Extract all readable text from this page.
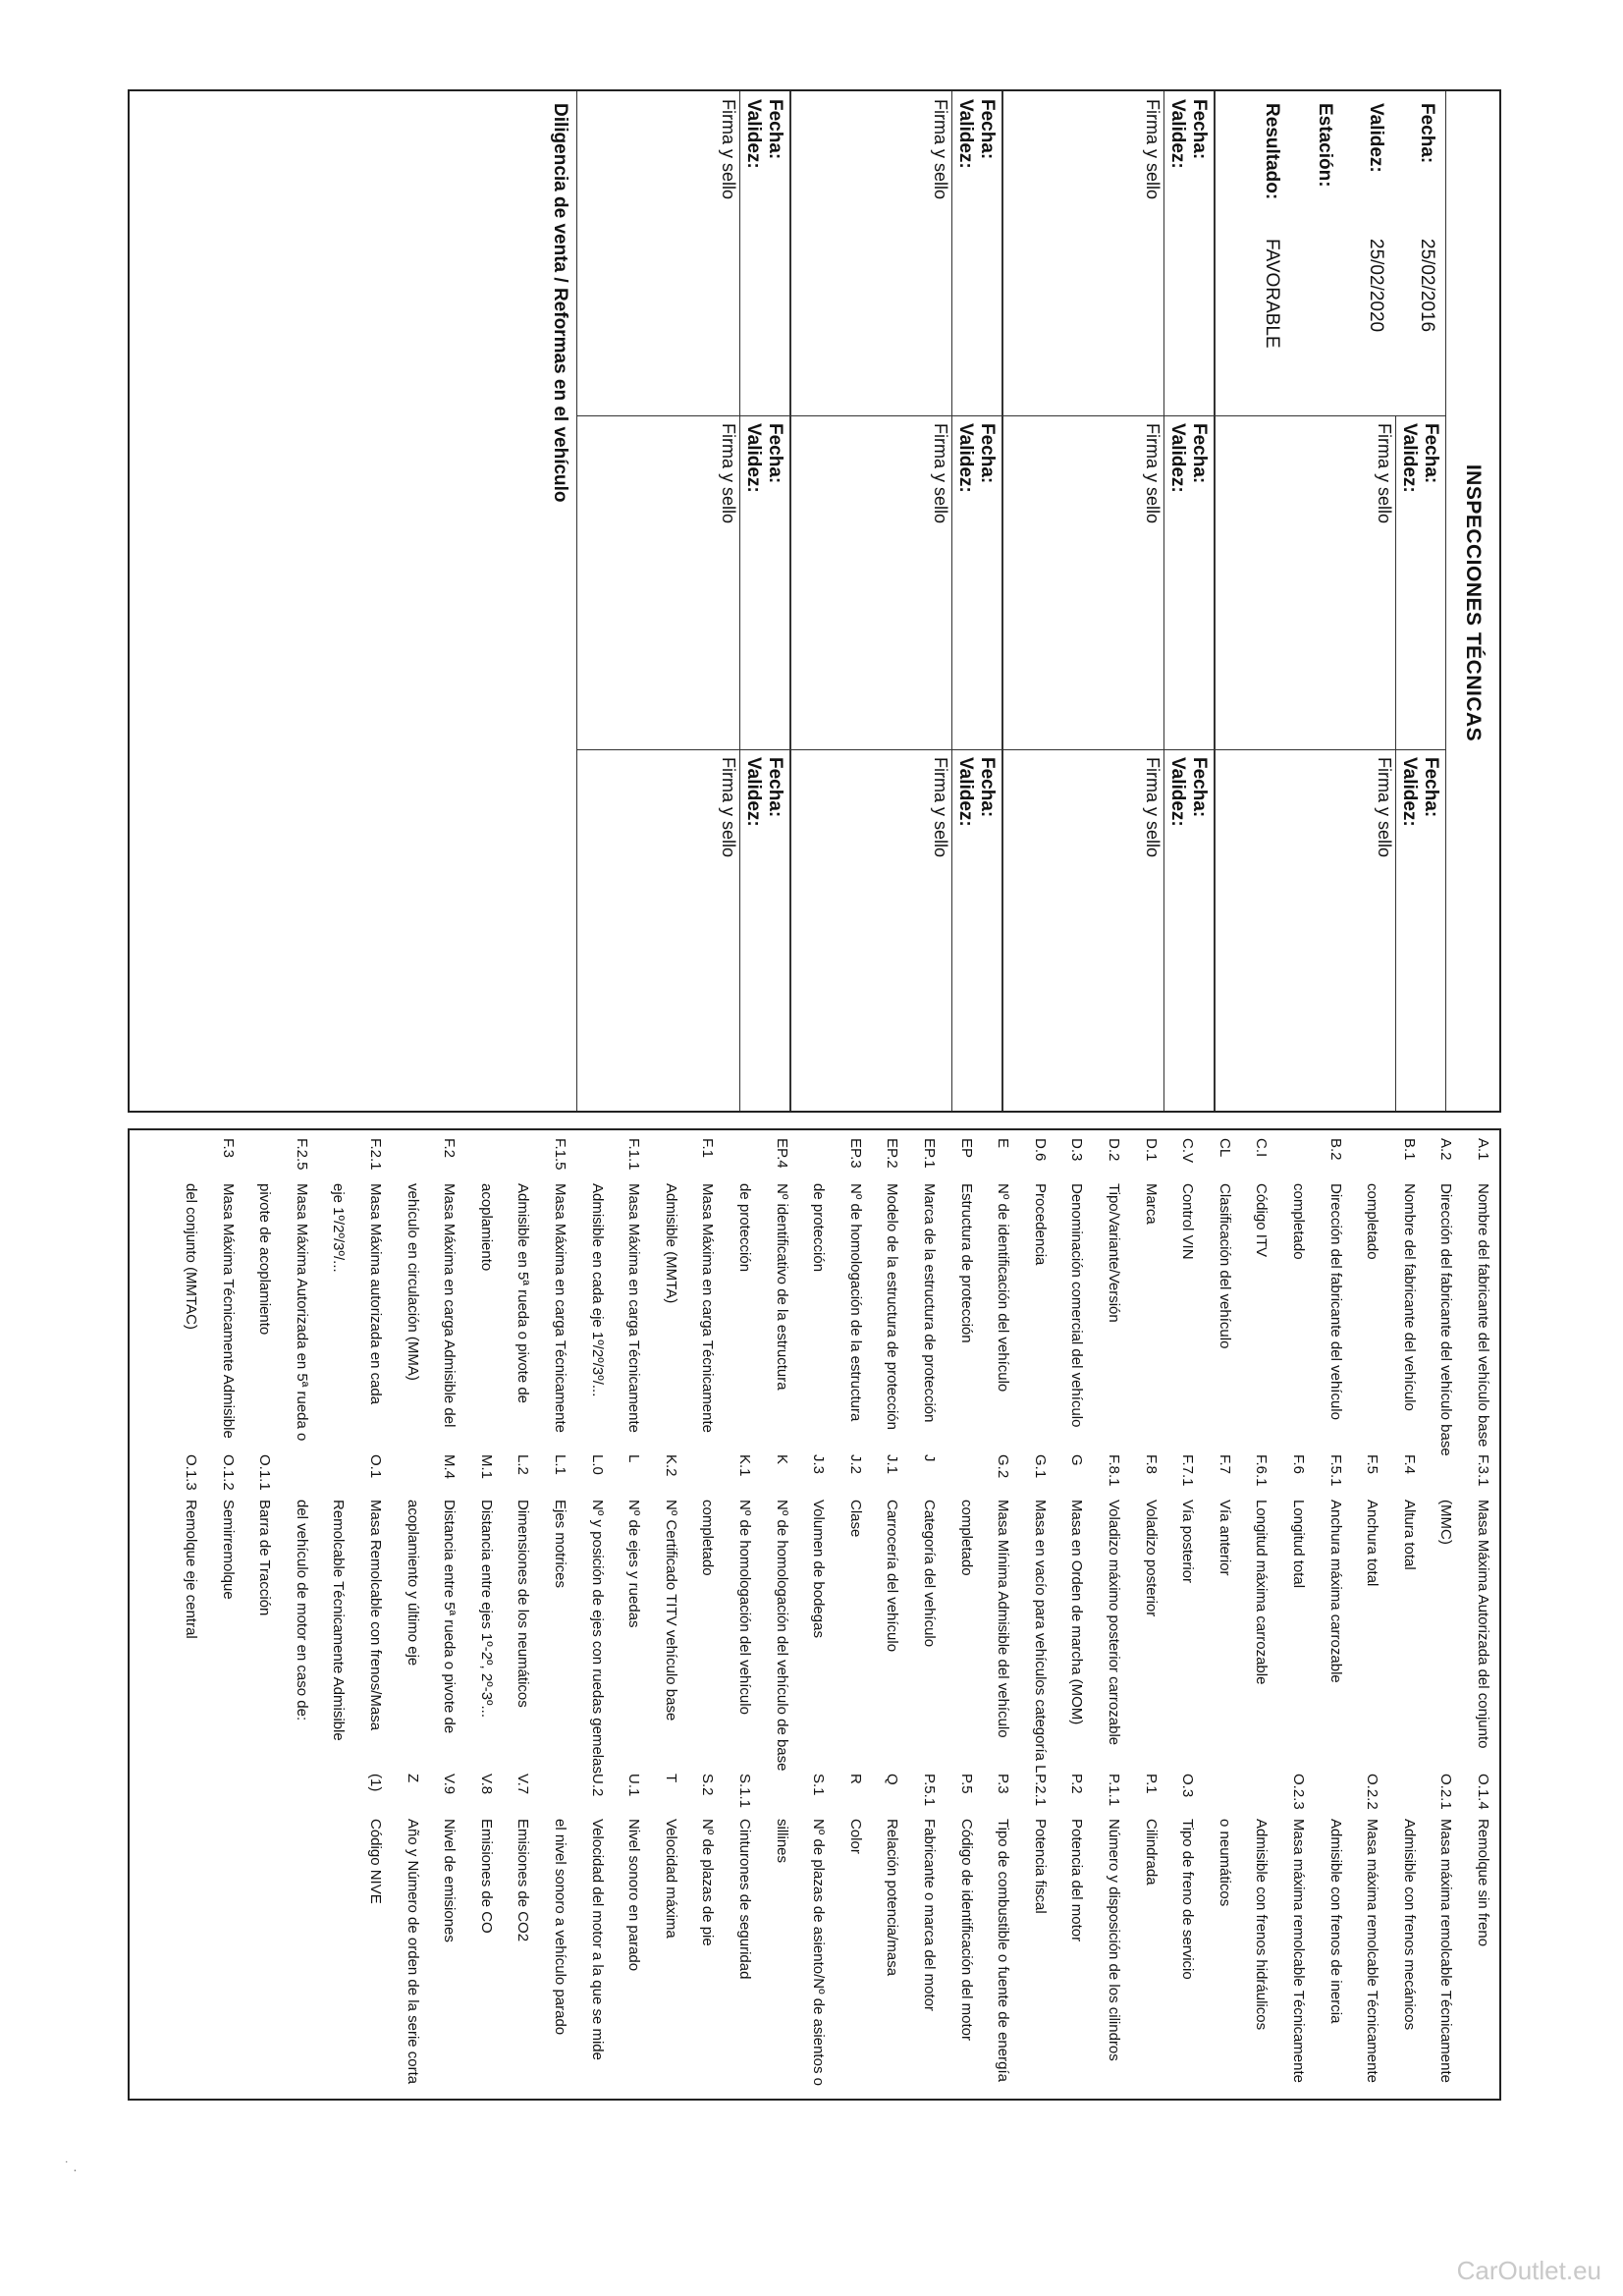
INSPECCIONES TÉCNICAS
Fecha:
25/02/2016
Validez:
25/02/2020
Estación:
Resultado:
FAVORABLE
Fecha:
Validez:
Firma y sello
Fecha:
Validez:
Firma y sello
Fecha:
Validez:
Firma y sello
Fecha:
Validez:
Firma y sello
Fecha:
Validez:
Firma y sello
Fecha:
Validez:
Firma y sello
Fecha:
Validez:
Firma y sello
Fecha:
Validez:
Firma y sello
Fecha:
Validez:
Firma y sello
Fecha:
Validez:
Firma y sello
Fecha:
Validez:
Firma y sello
Diligencia de venta / Reformas en el vehículo
A.1Nombre del fabricante del vehículo base
A.2Dirección del fabricante del vehículo base
B.1Nombre del fabricante del vehículo
completado
B.2Dirección del fabricante del vehículo
completado
C.ICódigo ITV
CLClasificación del vehículo
C.VControl VIN
D.1Marca
D.2Tipo/Variante/Versión
D.3Denominación comercial del vehículo
D.6Procedencia
ENº de identificación del vehículo
EPEstructura de protección
EP.1Marca de la estructura de protección
EP.2Modelo de la estructura de protección
EP.3Nº de homologación de la estructura
de protección
EP.4Nº identificativo de la estructura
de protección
F.1Masa Máxima en carga Técnicamente
Admisible (MMTA)
F.1.1Masa Máxima en carga Técnicamente
Admisible en cada eje 1º/2º/3º/...
F.1.5Masa Máxima en carga Técnicamente
Admisible en 5ª rueda o pivote de
acoplamiento
F.2Masa Máxima en carga Admisible del
vehículo en circulación (MMA)
F.2.1Masa Máxima autorizada en cada
eje 1º/2º/3º/...
F.2.5Masa Máxima Autorizada en 5ª rueda o
pivote de acoplamiento
F.3Masa Máxima Técnicamente Admisible
del conjunto (MMTAC)
F.3.1Masa Máxima Autorizada del conjunto
(MMC)
F.4Altura total
F.5Anchura total
F.5.1Anchura máxima carrozable
F.6Longitud total
F.6.1Longitud máxima carrozable
F.7Vía anterior
F.7.1Vía posterior
F.8Voladizo posterior
F.8.1Voladizo máximo posterior carrozable
GMasa en Orden de marcha (MOM)
G.1Masa en vacío para vehículos categoría L
G.2Masa Mínima Admisible del vehículo
completado
JCategoría del vehículo
J.1Carrocería del vehículo
J.2Clase
J.3Volumen de bodegas
KNº de homologación del vehículo de base
K.1Nº de homologación del vehículo
completado
K.2Nº Certificado TITV vehículo base
LNº de ejes y ruedas
L.0Nº y posición de ejes con ruedas gemelas
L.1Ejes motrices
L.2Dimensiones de los neumáticos
M.1Distancia entre ejes 1º-2º, 2º-3º...
M.4Distancia entre 5ª rueda o pivote de
acoplamiento y último eje
O.1Masa Remolcable con frenos/Masa
Remolcable Técnicamente Admisible
del vehículo de motor en caso de:
O.1.1Barra de Tracción
O.1.2Semirremolque
O.1.3Remolque eje central
O.1.4Remolque sin freno
O.2.1Masa máxima remolcable Técnicamente
Admisible con frenos mecánicos
O.2.2Masa máxima remolcable Técnicamente
Admisible con frenos de inercia
O.2.3Masa máxima remolcable Técnicamente
Admisible con frenos hidráulicos
o neumáticos
O.3Tipo de freno de servicio
P.1Cilindrada
P.1.1Número y disposición de los cilindros
P.2Potencia del motor
P.2.1Potencia fiscal
P.3Tipo de combustible o fuente de energía
P.5Código de identificación del motor
P.5.1Fabricante o marca del motor
QRelación potencia/masa
RColor
S.1Nº de plazas de asiento/Nº de asientos o
sillines
S.1.1Cinturones de seguridad
S.2Nº de plazas de pie
TVelocidad máxima
U.1Nivel sonoro en parado
U.2Velocidad del motor a la que se mide
el nivel sonoro a vehículo parado
V.7Emisiones de CO2
V.8Emisiones de CO
V.9Nivel de emisiones
ZAño y Número de orden de la serie corta
(1)Código NIVE
˙ .
CarOutlet.eu
